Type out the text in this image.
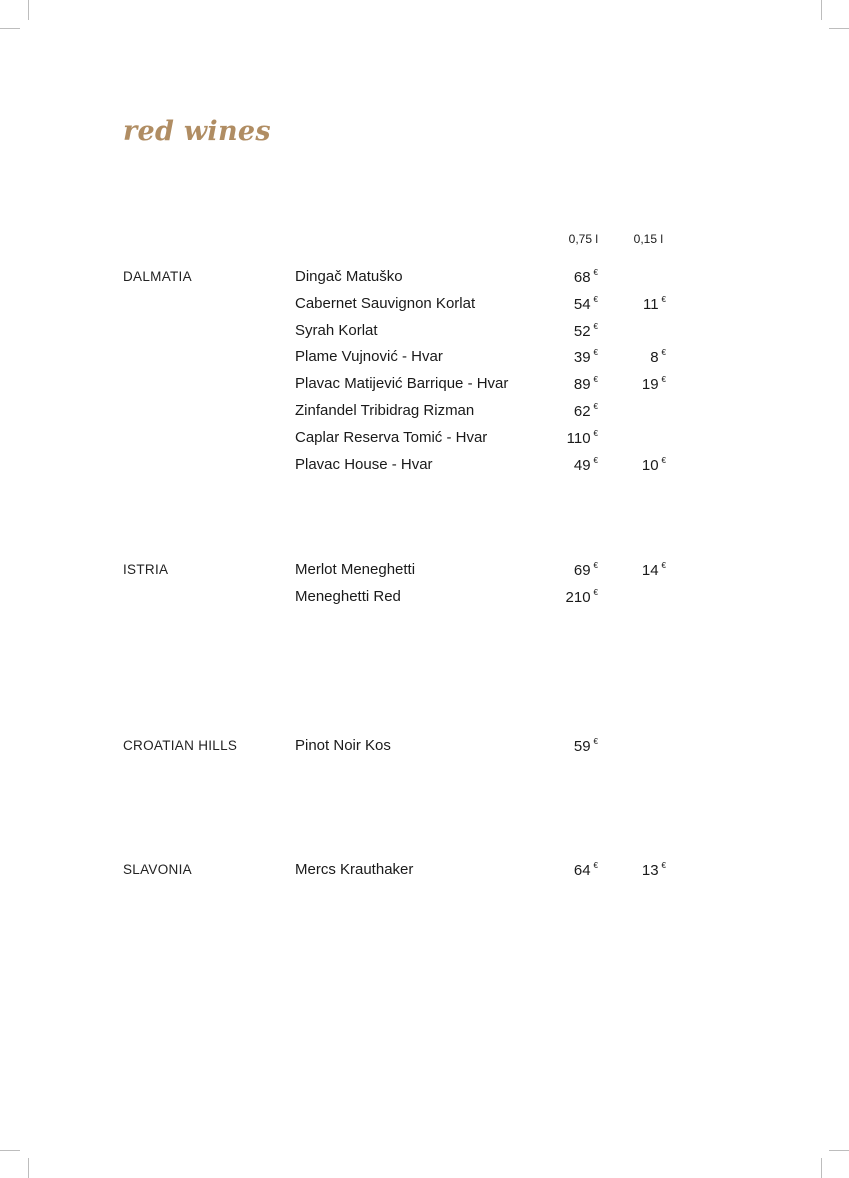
red wines
0,75 l	0,15 l
DALMATIA	Dingač Matuško	68 €
Cabernet Sauvignon Korlat	54 €	11 €
Syrah Korlat	52 €
Plame Vujnović - Hvar	39 €	8 €
Plavac Matijević Barrique - Hvar	89 €	19 €
Zinfandel Tribidrag Rizman	62 €
Caplar Reserva Tomić - Hvar	110 €
Plavac House - Hvar	49 €	10 €
ISTRIA	Merlot Meneghetti	69 €	14 €
Meneghetti Red	210 €
CROATIAN HILLS	Pinot Noir Kos	59 €
SLAVONIA	Mercs Krauthaker	64 €	13 €
